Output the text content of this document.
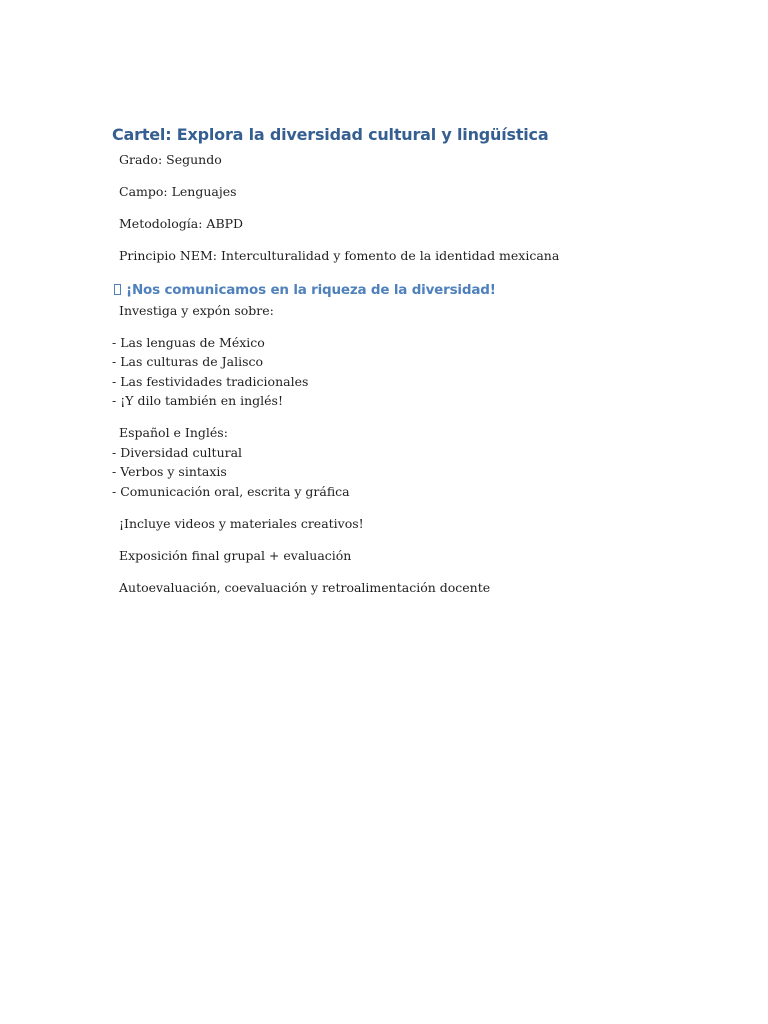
Cartel: Explora la diversidad cultural y lingüística

Grado: Segundo

Campo: Lenguajes

Metodología: ABPD

Principio NEM: Interculturalidad y fomento de la identidad mexicana

¡Nos comunicamos en la riqueza de la diversidad!

Investiga y expón sobre:

- Las lenguas de México
- Las culturas de Jalisco
- Las festividades tradicionales
- ¡Y dilo también en inglés!

Español e Inglés:

- Diversidad cultural
- Verbos y sintaxis
- Comunicación oral, escrita y gráfica

¡Incluye videos y materiales creativos!

Exposición final grupal + evaluación

Autoevaluación, coevaluación y retroalimentación docente
